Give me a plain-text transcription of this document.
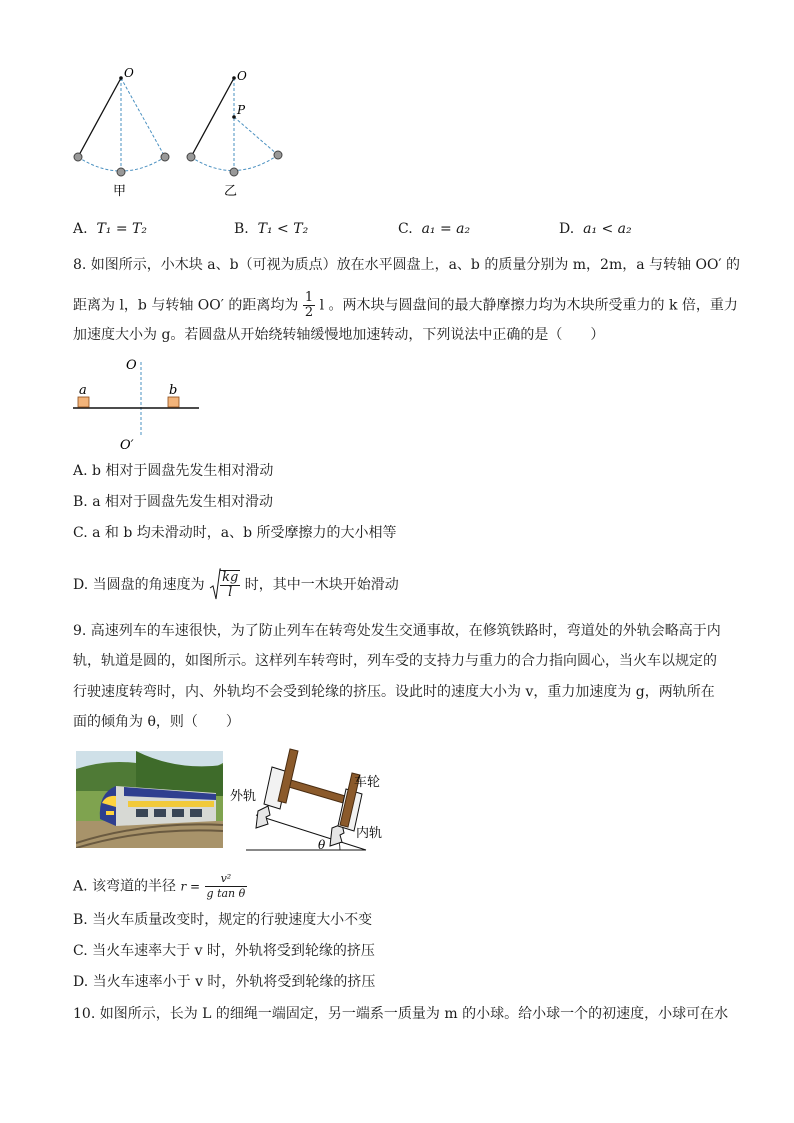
O
甲
O
P
乙
A. T₁ = T₂	B. T₁ < T₂	C. a₁ = a₂	D. a₁ < a₂
8. 如图所示，小木块 a、b（可视为质点）放在水平圆盘上，a、b 的质量分别为 m，2m，a 与转轴 OO′ 的
距离为 l，b 与转轴 OO′ 的距离均为 $\frac{1}{2}$ l 。两木块与圆盘间的最大静摩擦力均为木块所受重力的 k 倍，重力
加速度大小为 g。若圆盘从开始绕转轴缓慢地加速转动，下列说法中正确的是（　　）
O
O′
a	b
A. b 相对于圆盘先发生相对滑动
B. a 相对于圆盘先发生相对滑动
C. a 和 b 均未滑动时，a、b 所受摩擦力的大小相等
D. 当圆盘的角速度为 $\frac{kg}{l}$ 时，其中一木块开始滑动
9. 高速列车的车速很快，为了防止列车在转弯处发生交通事故，在修筑铁路时，弯道处的外轨会略高于内
轨，轨道是圆的，如图所示。这样列车转弯时，列车受的支持力与重力的合力指向圆心，当火车以规定的
行驶速度转弯时，内、外轨均不会受到轮缘的挤压。设此时的速度大小为 v，重力加速度为 g，两轨所在
面的倾角为 θ，则（　　）
外轨
车轮
内轨
θ
A. 该弯道的半径 $r = \frac{\text{v²}}{\text{g tan θ}}$
B. 当火车质量改变时，规定的行驶速度大小不变
C. 当火车速率大于 v 时，外轨将受到轮缘的挤压
D. 当火车速率小于 v 时，外轨将受到轮缘的挤压
10. 如图所示，长为 L 的细绳一端固定，另一端系一质量为 m 的小球。给小球一个的初速度，小球可在水
